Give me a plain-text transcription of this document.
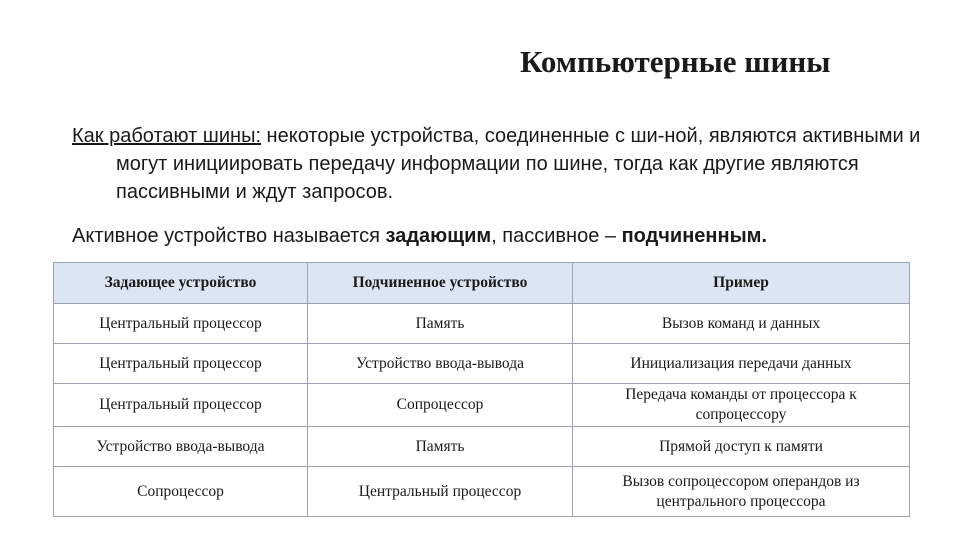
Компьютерные шины
Как работают шины: некоторые устройства, соединенные с ши-ной, являются активными и могут инициировать передачу информации по шине, тогда как другие являются пассивными и ждут запросов.
Активное устройство называется задающим, пассивное – подчиненным.
Задающее устройство	Подчиненное устройство	Пример
Центральный процессор	Память	Вызов команд и данных
Центральный процессор	Устройство ввода-вывода	Инициализация передачи данных
Центральный процессор	Сопроцессор	Передача команды от процессора к сопроцессору
Устройство ввода-вывода	Память	Прямой доступ к памяти
Сопроцессор	Центральный процессор	Вызов сопроцессором операндов из центрального процессора
